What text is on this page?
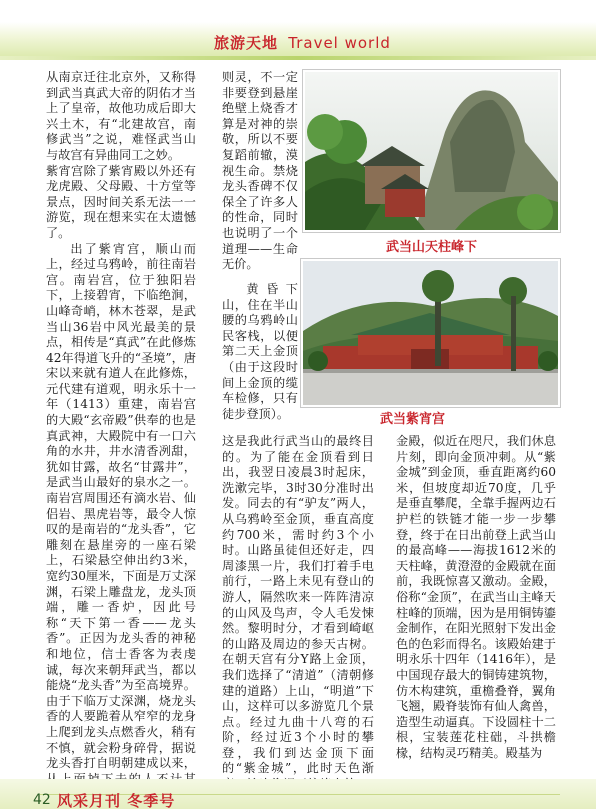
旅游天地 Travel world

从南京迁往北京外，又称得到武当真武大帝的阴佑才当上了皇帝，故他功成后即大兴土木，有“北建故宫，南修武当”之说，难怪武当山与故宫有异曲同工之妙。

紫宵宫除了紫宵殿以外还有龙虎殿、父母殿、十方堂等景点，因时间关系无法一一游览，现在想来实在太遗憾了。

出了紫宵宫，顺山而上，经过乌鸦岭，前往南岩宫。南岩宫，位于独阳岩下，上接碧宵，下临绝涧，山峰奇峭，林木苍翠，是武当山36岩中风光最美的景点，相传是“真武”在此修炼42年得道飞升的“圣境”，唐宋以来就有道人在此修炼，元代建有道观，明永乐十一年（1413）重建，南岩宫的大殿“玄帝殿”供奉的也是真武神，大殿院中有一口六角的水井，井水清香冽甜，犹如甘露，故名“甘露井”，是武当山最好的泉水之一。南岩宫周围还有滴水岩、仙侣岩、黑虎岩等，最令人惊叹的是南岩的“龙头香”，它雕刻在悬崖旁的一座石梁上，石梁悬空伸出约3米，宽约30厘米，下面是万丈深渊，石梁上雕盘龙，龙头顶端，雕一香炉，因此号称“天下第一香——龙头香”。正因为龙头香的神秘和地位，信士香客为表虔诚，每次来朝拜武当，都以能烧“龙头香”为至高境界。由于下临万丈深渊，烧龙头香的人要跪着从窄窄的龙身上爬到龙头点燃香火，稍有不慎，就会粉身碎骨，据说龙头香打自明朝建成以来，

则灵，不一定非要登到悬崖绝壁上烧香才算是对神的崇敬，所以不要复蹈前辙，漠视生命。禁烧龙头香碑不仅保全了许多人的性命，同时也说明了一个道理——生命无价。

黄昏下山，住在半山腰的乌鸦岭山民客栈，以便第二天上金顶（由于这段时间上金顶的缆车检修，只有徒步登顶）。

这是我此行武当山的最终目的。为了能在金顶看到日出，我翌日凌晨3时起床，洗漱完毕，3时30分准时出发。同去的有“驴友”两人，从乌鸦岭至金顶，垂直高度约700米，需时约3个小时。山路虽徒但还好走，四周漆黑一片，我们打着手电前行，一路上未见有登山的游人，隔然吹来一阵阵清凉的山风及鸟声，令人毛发悚然。黎明时分，才看到崎岖的山路及周边的参天古树。在朝天宫有分Y路上金顶，我们选择了“清道”（清朝修建的道路）上山，“明道”下山，这样可以多游览几个景点。经过九曲十八弯的石阶，经过近3个小时的攀登，我们到达金顶下面的“紫金城”，此时天色渐

金殿，似近在咫尺，我们休息片刻，即向金顶冲刺。从“紫金城”到金顶，垂直距离约60米，但坡度却近70度，几乎是垂直攀爬，全靠手握两边石护栏的铁链才能一步一步攀登，终于在日出前登上武当山的最高峰——海拔1612米的天柱峰，黄澄澄的金殿就在面前，我既惊喜又激动。金殿，俗称“金顶”，在武当山主峰天柱峰的顶端，因为是用铜铸鎏金制作，在阳光照射下发出金色的色彩而得名。该殿始建于明永乐十四年（1416年），是中国现存最大的铜铸建筑物，仿木构建筑，重檐叠脊，翼角飞翘，殿脊装饰有仙人禽兽，造型生动逼真。下设圆柱十二根，宝装莲花柱础，斗拱檐椽，结构灵巧精美。殿基为

武当山天柱峰下
武当紫宵宫
42 风采月刊 冬季号
